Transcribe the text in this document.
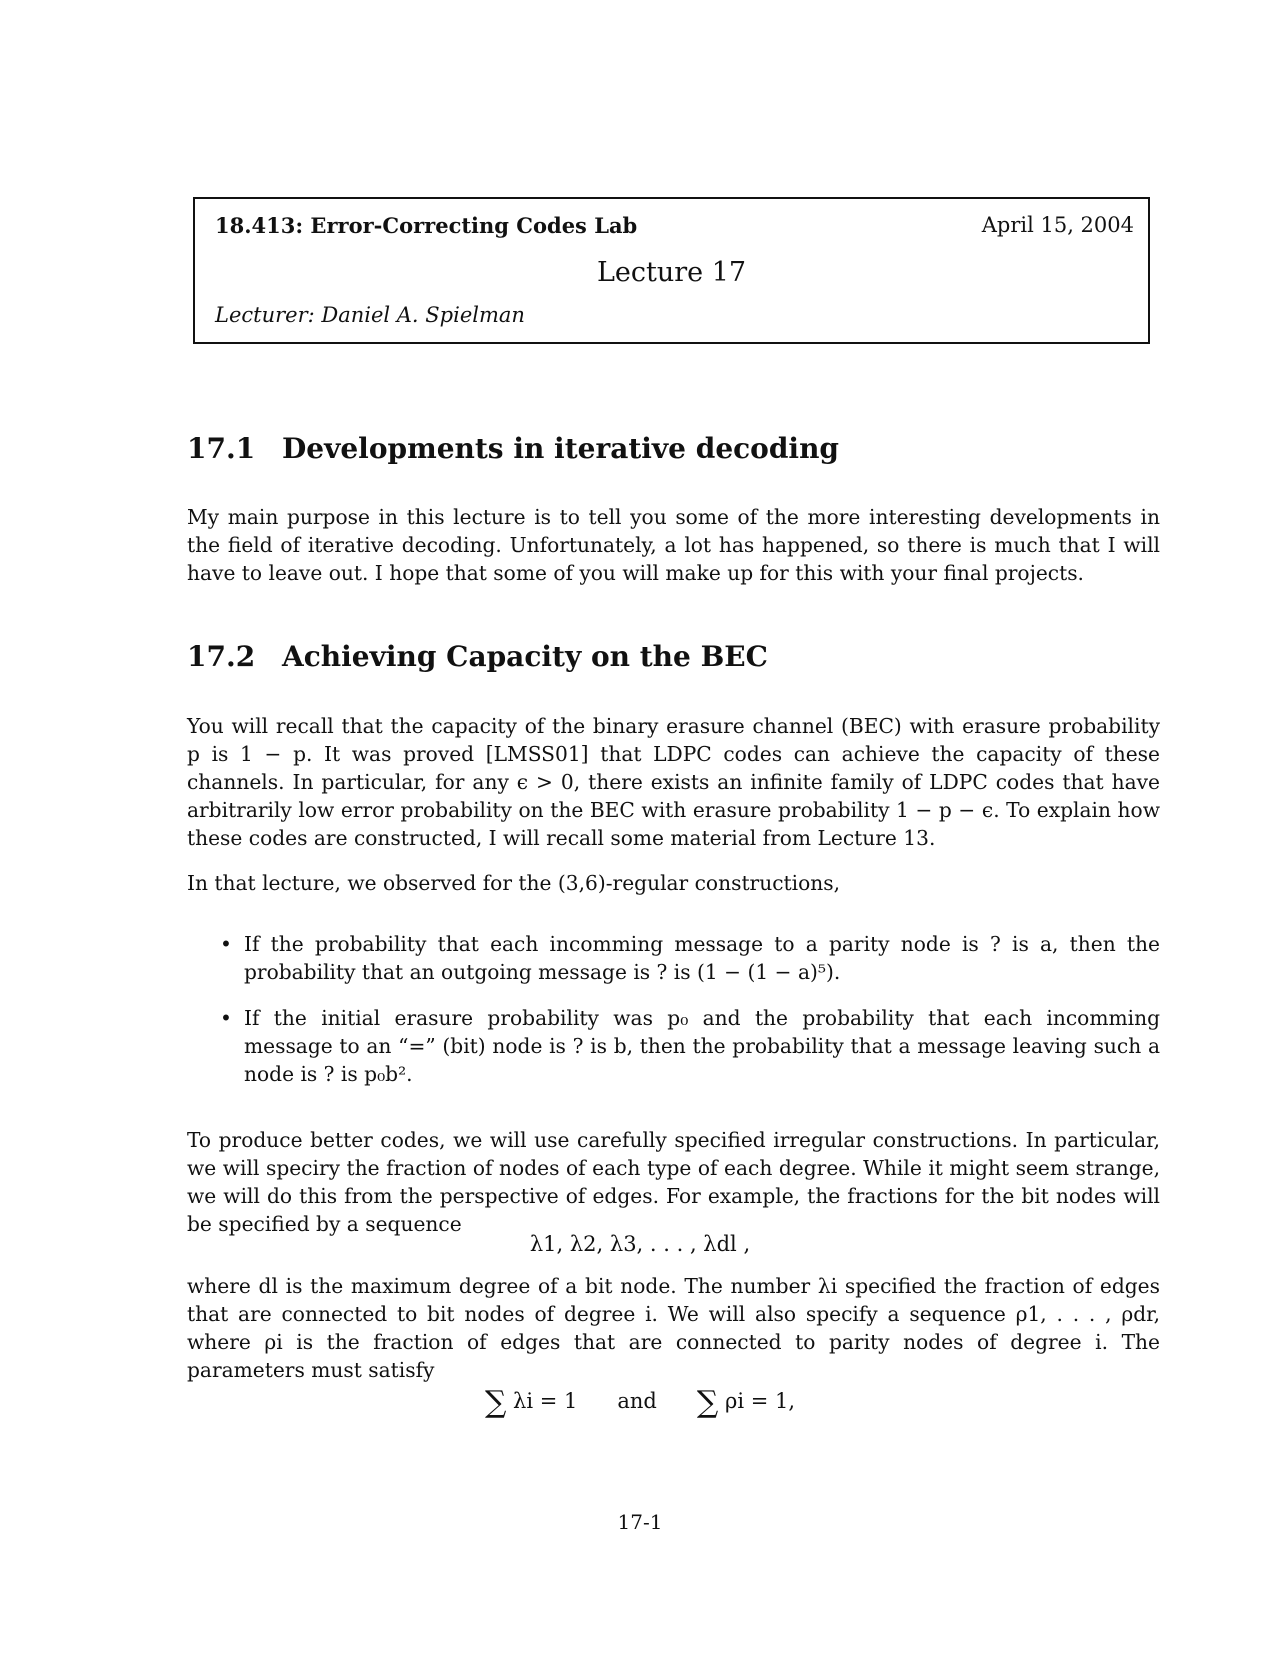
18.413: Error-Correcting Codes Lab	April 15, 2004
Lecture 17
Lecturer: Daniel A. Spielman
17.1 Developments in iterative decoding

My main purpose in this lecture is to tell you some of the more interesting developments in the field of iterative decoding. Unfortunately, a lot has happened, so there is much that I will have to leave out. I hope that some of you will make up for this with your final projects.

17.2 Achieving Capacity on the BEC

You will recall that the capacity of the binary erasure channel (BEC) with erasure probability p is 1 − p. It was proved [LMSS01] that LDPC codes can achieve the capacity of these channels. In particular, for any ϵ > 0, there exists an infinite family of LDPC codes that have arbitrarily low error probability on the BEC with erasure probability 1 − p − ϵ. To explain how these codes are constructed, I will recall some material from Lecture 13.

In that lecture, we observed for the (3,6)-regular constructions,

• If the probability that each incomming message to a parity node is ? is a, then the probability that an outgoing message is ? is (1 − (1 − a)⁵).
• If the initial erasure probability was p₀ and the probability that each incomming message to an “=” (bit) node is ? is b, then the probability that a message leaving such a node is ? is p₀b².

To produce better codes, we will use carefully specified irregular constructions. In particular, we will speciry the fraction of nodes of each type of each degree. While it might seem strange, we will do this from the perspective of edges. For example, the fractions for the bit nodes will be specified by a sequence

λ1, λ2, λ3, . . . , λdl ,

where dl is the maximum degree of a bit node. The number λi specified the fraction of edges that are connected to bit nodes of degree i. We will also specify a sequence ρ1, . . . , ρdr, where ρi is the fraction of edges that are connected to parity nodes of degree i. The parameters must satisfy

∑ λi = 1 and ∑ ρi = 1,
17-1
